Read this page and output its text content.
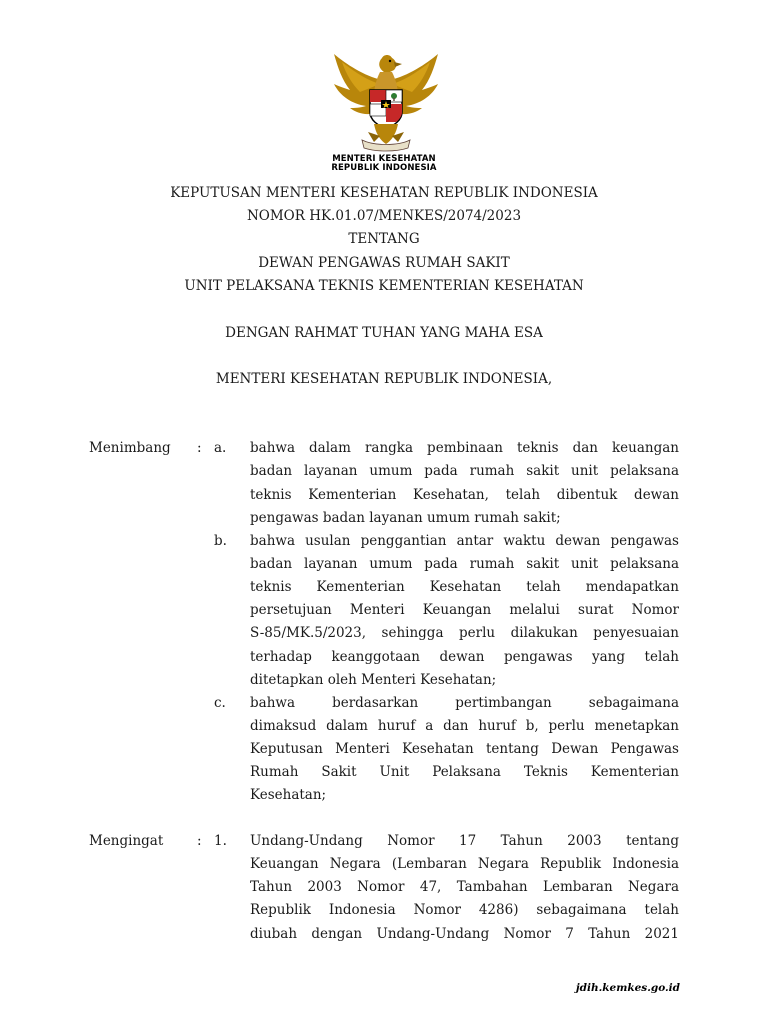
MENTERI KESEHATAN
REPUBLIK INDONESIA
KEPUTUSAN MENTERI KESEHATAN REPUBLIK INDONESIA
NOMOR HK.01.07/MENKES/2074/2023
TENTANG
DEWAN PENGAWAS RUMAH SAKIT
UNIT PELAKSANA TEKNIS KEMENTERIAN KESEHATAN
DENGAN RAHMAT TUHAN YANG MAHA ESA
MENTERI KESEHATAN REPUBLIK INDONESIA,
Menimbang : a. bahwa dalam rangka pembinaan teknis dan keuangan
badan layanan umum pada rumah sakit unit pelaksana
teknis Kementerian Kesehatan, telah dibentuk dewan
pengawas badan layanan umum rumah sakit;
b. bahwa usulan penggantian antar waktu dewan pengawas
badan layanan umum pada rumah sakit unit pelaksana
teknis Kementerian Kesehatan telah mendapatkan
persetujuan Menteri Keuangan melalui surat Nomor
S-85/MK.5/2023, sehingga perlu dilakukan penyesuaian
terhadap keanggotaan dewan pengawas yang telah
ditetapkan oleh Menteri Kesehatan;
c. bahwa berdasarkan pertimbangan sebagaimana
dimaksud dalam huruf a dan huruf b, perlu menetapkan
Keputusan Menteri Kesehatan tentang Dewan Pengawas
Rumah Sakit Unit Pelaksana Teknis Kementerian
Kesehatan;
Mengingat : 1. Undang-Undang Nomor 17 Tahun 2003 tentang
Keuangan Negara (Lembaran Negara Republik Indonesia
Tahun 2003 Nomor 47, Tambahan Lembaran Negara
Republik Indonesia Nomor 4286) sebagaimana telah
diubah dengan Undang-Undang Nomor 7 Tahun 2021
jdih.kemkes.go.id
